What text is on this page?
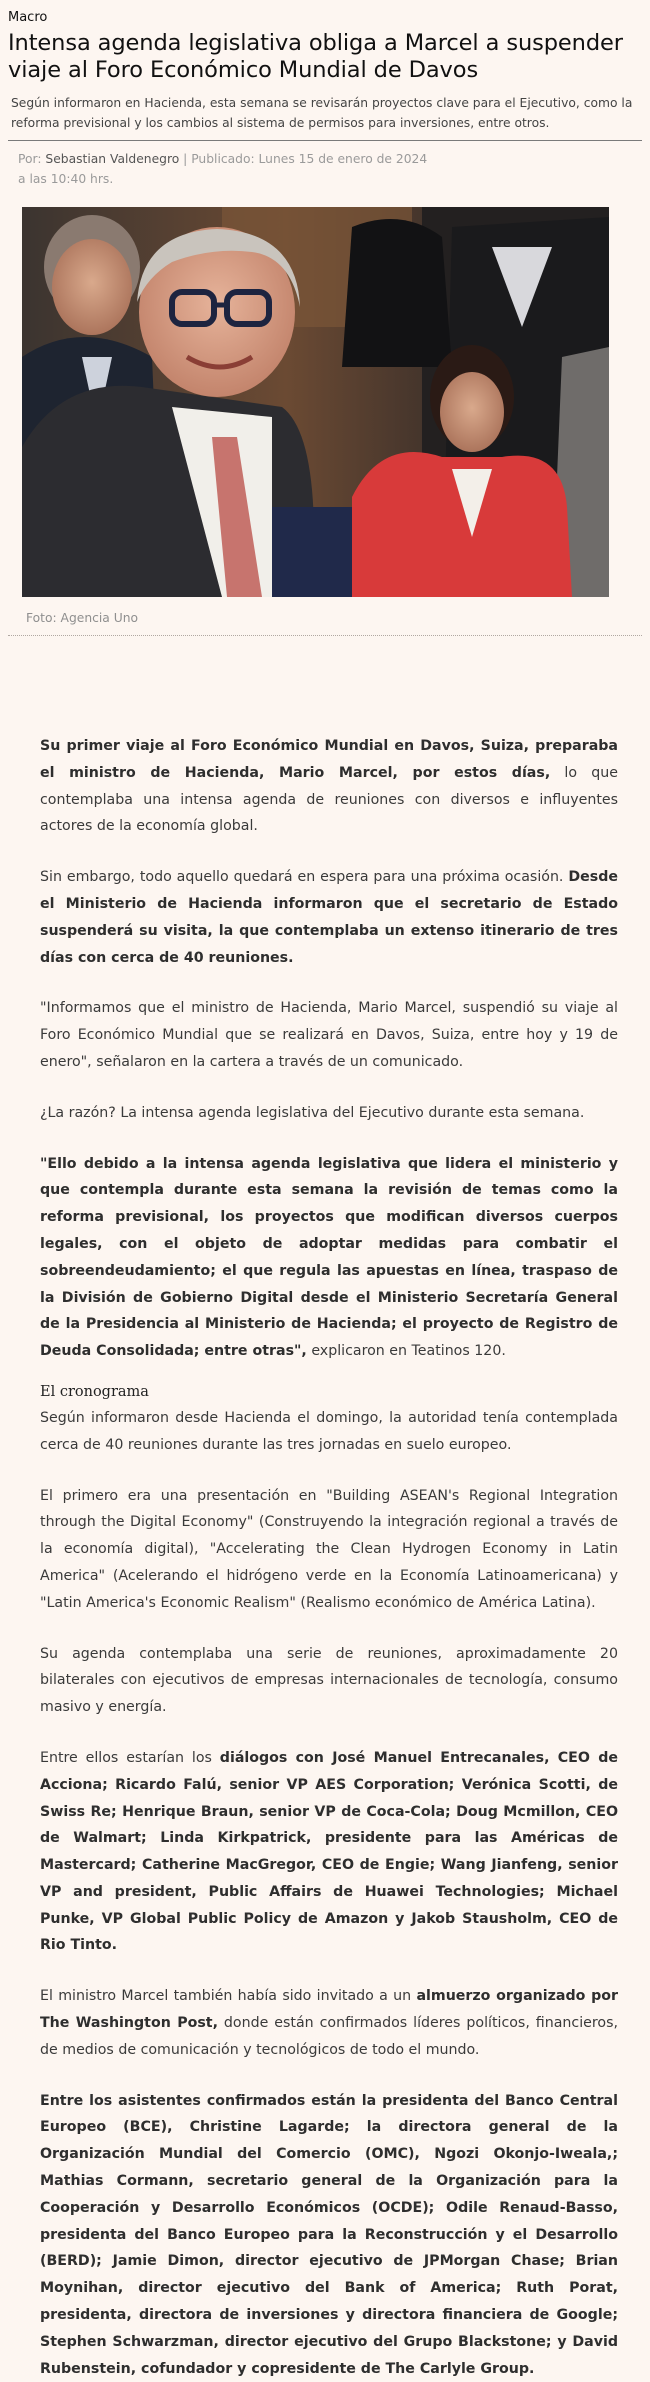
Macro
Intensa agenda legislativa obliga a Marcel a suspender viaje al Foro Económico Mundial de Davos
Según informaron en Hacienda, esta semana se revisarán proyectos clave para el Ejecutivo, como la reforma previsional y los cambios al sistema de permisos para inversiones, entre otros.
Por: Sebastian Valdenegro | Publicado: Lunes 15 de enero de 2024 a las 10:40 hrs.
Foto: Agencia Uno

Su primer viaje al Foro Económico Mundial en Davos, Suiza, preparaba el ministro de Hacienda, Mario Marcel, por estos días, lo que contemplaba una intensa agenda de reuniones con diversos e influyentes actores de la economía global.

Sin embargo, todo aquello quedará en espera para una próxima ocasión. Desde el Ministerio de Hacienda informaron que el secretario de Estado suspenderá su visita, la que contemplaba un extenso itinerario de tres días con cerca de 40 reuniones.

"Informamos que el ministro de Hacienda, Mario Marcel, suspendió su viaje al Foro Económico Mundial que se realizará en Davos, Suiza, entre hoy y 19 de enero", señalaron en la cartera a través de un comunicado.

¿La razón? La intensa agenda legislativa del Ejecutivo durante esta semana.

"Ello debido a la intensa agenda legislativa que lidera el ministerio y que contempla durante esta semana la revisión de temas como la reforma previsional, los proyectos que modifican diversos cuerpos legales, con el objeto de adoptar medidas para combatir el sobreendeudamiento; el que regula las apuestas en línea, traspaso de la División de Gobierno Digital desde el Ministerio Secretaría General de la Presidencia al Ministerio de Hacienda; el proyecto de Registro de Deuda Consolidada; entre otras", explicaron en Teatinos 120.

El cronograma

Según informaron desde Hacienda el domingo, la autoridad tenía contemplada cerca de 40 reuniones durante las tres jornadas en suelo europeo.

El primero era una presentación en "Building ASEAN's Regional Integration through the Digital Economy" (Construyendo la integración regional a través de la economía digital), "Accelerating the Clean Hydrogen Economy in Latin America" (Acelerando el hidrógeno verde en la Economía Latinoamericana) y "Latin America's Economic Realism" (Realismo económico de América Latina).

Su agenda contemplaba una serie de reuniones, aproximadamente 20 bilaterales con ejecutivos de empresas internacionales de tecnología, consumo masivo y energía.

Entre ellos estarían los diálogos con José Manuel Entrecanales, CEO de Acciona; Ricardo Falú, senior VP AES Corporation; Verónica Scotti, de Swiss Re; Henrique Braun, senior VP de Coca-Cola; Doug Mcmillon, CEO de Walmart; Linda Kirkpatrick, presidente para las Américas de Mastercard; Catherine MacGregor, CEO de Engie; Wang Jianfeng, senior VP and president, Public Affairs de Huawei Technologies; Michael Punke, VP Global Public Policy de Amazon y Jakob Stausholm, CEO de Rio Tinto.

El ministro Marcel también había sido invitado a un almuerzo organizado por The Washington Post, donde están confirmados líderes políticos, financieros, de medios de comunicación y tecnológicos de todo el mundo.

Entre los asistentes confirmados están la presidenta del Banco Central Europeo (BCE), Christine Lagarde; la directora general de la Organización Mundial del Comercio (OMC), Ngozi Okonjo-Iweala,; Mathias Cormann, secretario general de la Organización para la Cooperación y Desarrollo Económicos (OCDE); Odile Renaud-Basso, presidenta del Banco Europeo para la Reconstrucción y el Desarrollo (BERD); Jamie Dimon, director ejecutivo de JPMorgan Chase; Brian Moynihan, director ejecutivo del Bank of America; Ruth Porat, presidenta, directora de inversiones y directora financiera de Google; Stephen Schwarzman, director ejecutivo del Grupo Blackstone; y David Rubenstein, cofundador y copresidente de The Carlyle Group.
